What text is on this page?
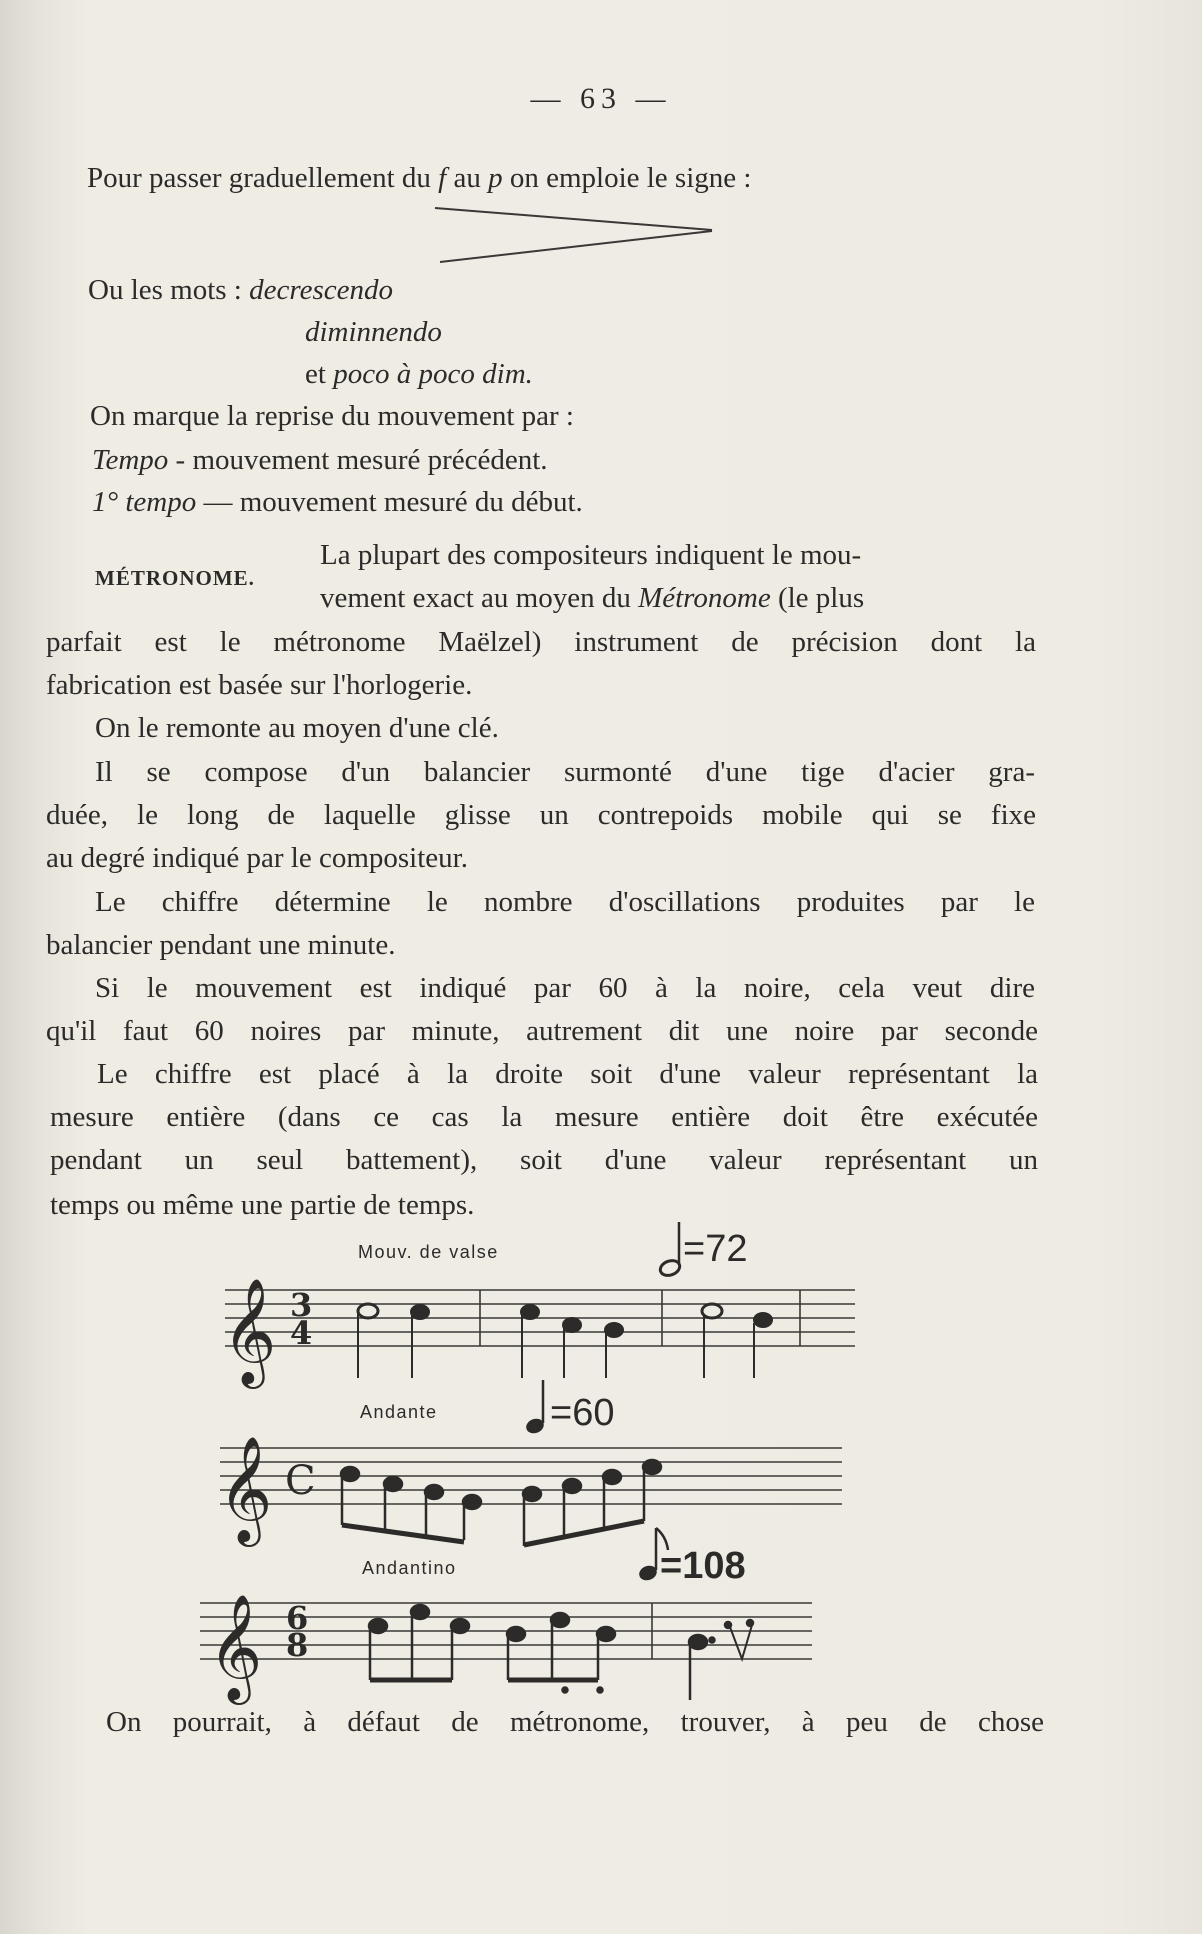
— 63 —
Pour passer graduellement du f au p on emploie le signe :
Ou les mots : decrescendo
diminnendo
et poco à poco dim.
On marque la reprise du mouvement par :
Tempo - mouvement mesuré précédent.
1° tempo — mouvement mesuré du début.
MÉTRONOME.
La plupart des compositeurs indiquent le mou-
vement exact au moyen du Métronome (le plus
parfait est le métronome Maëlzel) instrument de précision dont la
fabrication est basée sur l'horlogerie.
On le remonte au moyen d'une clé.
Il se compose d'un balancier surmonté d'une tige d'acier gra-
duée, le long de laquelle glisse un contrepoids mobile qui se fixe
au degré indiqué par le compositeur.
Le chiffre détermine le nombre d'oscillations produites par le
balancier pendant une minute.
Si le mouvement est indiqué par 60 à la noire, cela veut dire
qu'il faut 60 noires par minute, autrement dit une noire par seconde
Le chiffre est placé à la droite soit d'une valeur représentant la
mesure entière (dans ce cas la mesure entière doit être exécutée
pendant un seul battement), soit d'une valeur représentant un
temps ou même une partie de temps.
Mouv. de valse	=72
Andante	=60
Andantino	=108
𝄞 3
4
𝄞 C
𝄞 6
8
On pourrait, à défaut de métronome, trouver, à peu de chose
